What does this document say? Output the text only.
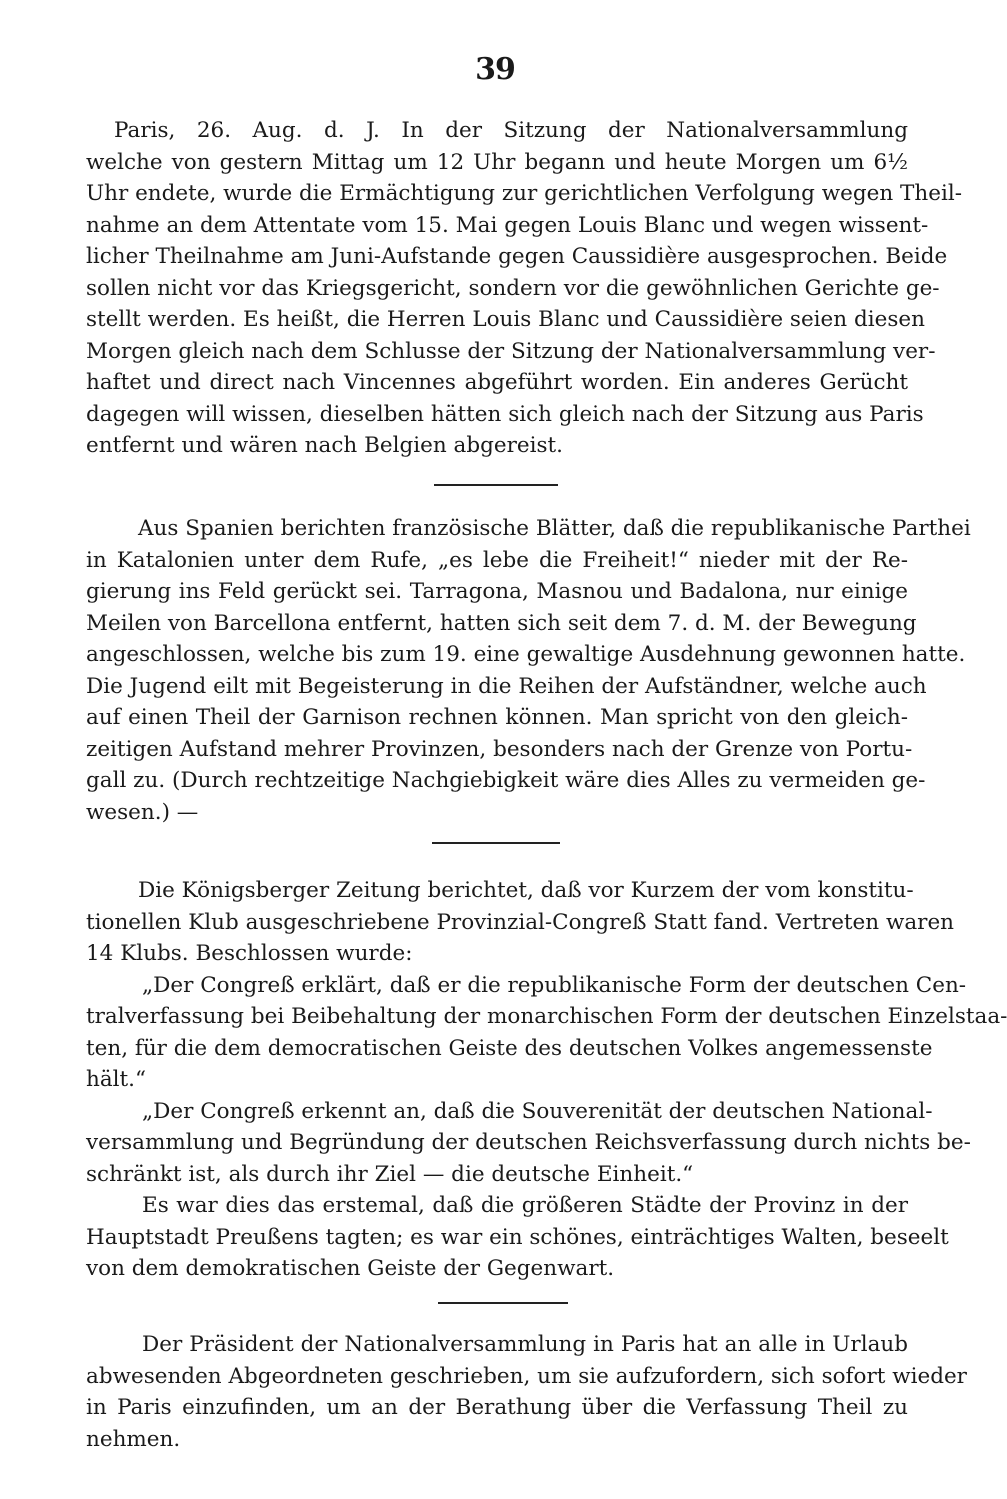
39
Paris, 26. Aug. d. J. In der Sitzung der Nationalversammlung
welche von gestern Mittag um 12 Uhr begann und heute Morgen um 6½
Uhr endete, wurde die Ermächtigung zur gerichtlichen Verfolgung wegen Theil-
nahme an dem Attentate vom 15. Mai gegen Louis Blanc und wegen wissent-
licher Theilnahme am Juni-Aufstande gegen Caussidière ausgesprochen. Beide
sollen nicht vor das Kriegsgericht, sondern vor die gewöhnlichen Gerichte ge-
stellt werden. Es heißt, die Herren Louis Blanc und Caussidière seien diesen
Morgen gleich nach dem Schlusse der Sitzung der Nationalversammlung ver-
haftet und direct nach Vincennes abgeführt worden. Ein anderes Gerücht
dagegen will wissen, dieselben hätten sich gleich nach der Sitzung aus Paris
entfernt und wären nach Belgien abgereist.
Aus Spanien berichten französische Blätter, daß die republikanische Parthei
in Katalonien unter dem Rufe, „es lebe die Freiheit!“ nieder mit der Re-
gierung ins Feld gerückt sei. Tarragona, Masnou und Badalona, nur einige
Meilen von Barcellona entfernt, hatten sich seit dem 7. d. M. der Bewegung
angeschlossen, welche bis zum 19. eine gewaltige Ausdehnung gewonnen hatte.
Die Jugend eilt mit Begeisterung in die Reihen der Aufständner, welche auch
auf einen Theil der Garnison rechnen können. Man spricht von den gleich-
zeitigen Aufstand mehrer Provinzen, besonders nach der Grenze von Portu-
gall zu. (Durch rechtzeitige Nachgiebigkeit wäre dies Alles zu vermeiden ge-
wesen.) —
Die Königsberger Zeitung berichtet, daß vor Kurzem der vom konstitu-
tionellen Klub ausgeschriebene Provinzial-Congreß Statt fand. Vertreten waren
14 Klubs. Beschlossen wurde:
„Der Congreß erklärt, daß er die republikanische Form der deutschen Cen-
tralverfassung bei Beibehaltung der monarchischen Form der deutschen Einzelstaa-
ten, für die dem democratischen Geiste des deutschen Volkes angemessenste
hält.“
„Der Congreß erkennt an, daß die Souverenität der deutschen National-
versammlung und Begründung der deutschen Reichsverfassung durch nichts be-
schränkt ist, als durch ihr Ziel — die deutsche Einheit.“
Es war dies das erstemal, daß die größeren Städte der Provinz in der
Hauptstadt Preußens tagten; es war ein schönes, einträchtiges Walten, beseelt
von dem demokratischen Geiste der Gegenwart.
Der Präsident der Nationalversammlung in Paris hat an alle in Urlaub
abwesenden Abgeordneten geschrieben, um sie aufzufordern, sich sofort wieder
in Paris einzufinden, um an der Berathung über die Verfassung Theil zu
nehmen.
